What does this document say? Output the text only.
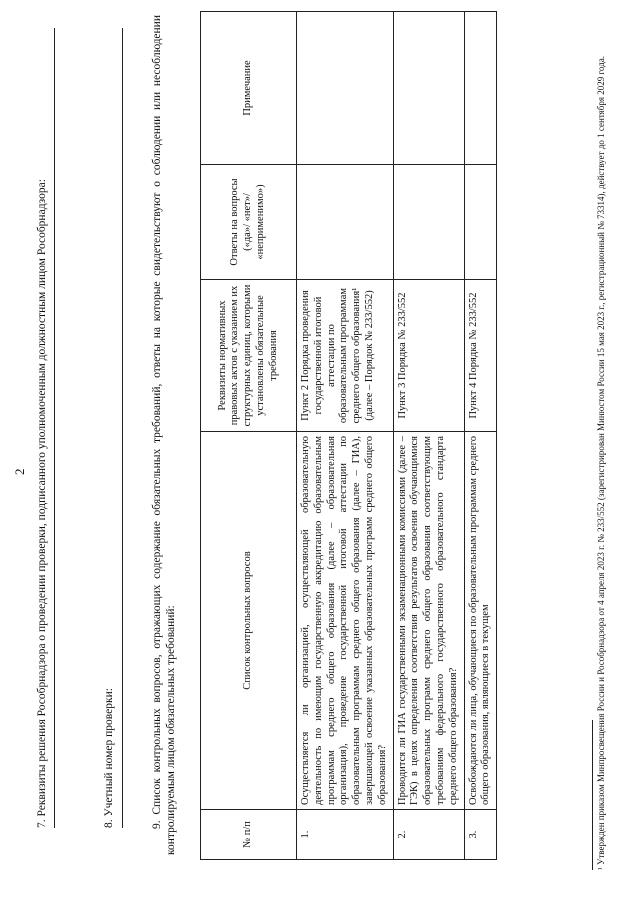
2 7. Реквизиты решения Рособрнадзора о проведении проверки, подписанного уполномоченным должностным лицом Рособрнадзора:	8. Учетный номер проверки:	9. Список контрольных вопросов, отражающих содержание обязательных требований, ответы на которые свидетельствуют о соблюдении или несоблюдении контролируемым лицом обязательных требований:	№ п/п	Список контрольных вопросов	Реквизиты нормативных правовых актов с указанием их структурных единиц, которыми установлены обязательные требования	Ответы на вопросы («да»/ «нет»/ «неприменимо»)	Примечание
1.	Осуществляется ли организацией, осуществляющей образовательную деятельность по имеющим государственную аккредитацию образовательным программам среднего общего образования (далее – образовательная организация), проведение государственной итоговой аттестации по образовательным программам среднего общего образования (далее – ГИА), завершающей освоение указанных образовательных программ среднего общего образования?	Пункт 2 Порядка проведения государственной итоговой аттестации по образовательным программам среднего общего образования¹ (далее – Порядок № 233/552)		
2.	Проводится ли ГИА государственными экзаменационными комиссиями (далее – ГЭК) в целях определения соответствия результатов освоения обучающимися образовательных программ среднего общего образования соответствующим требованиям федерального государственного образовательного стандарта среднего общего образования?	Пункт 3 Порядка № 233/552		
3.	Освобождаются ли лица, обучающиеся по образовательным программам среднего общего образования, являющиеся в текущем	Пункт 4 Порядка № 233/552			¹ Утвержден приказом Минпросвещения России и Рособрнадзора от 4 апреля 2023 г. № 233/552 (зарегистрирован Минюстом России 15 мая 2023 г., регистрационный № 73314), действует до 1 сентября 2029 года.
